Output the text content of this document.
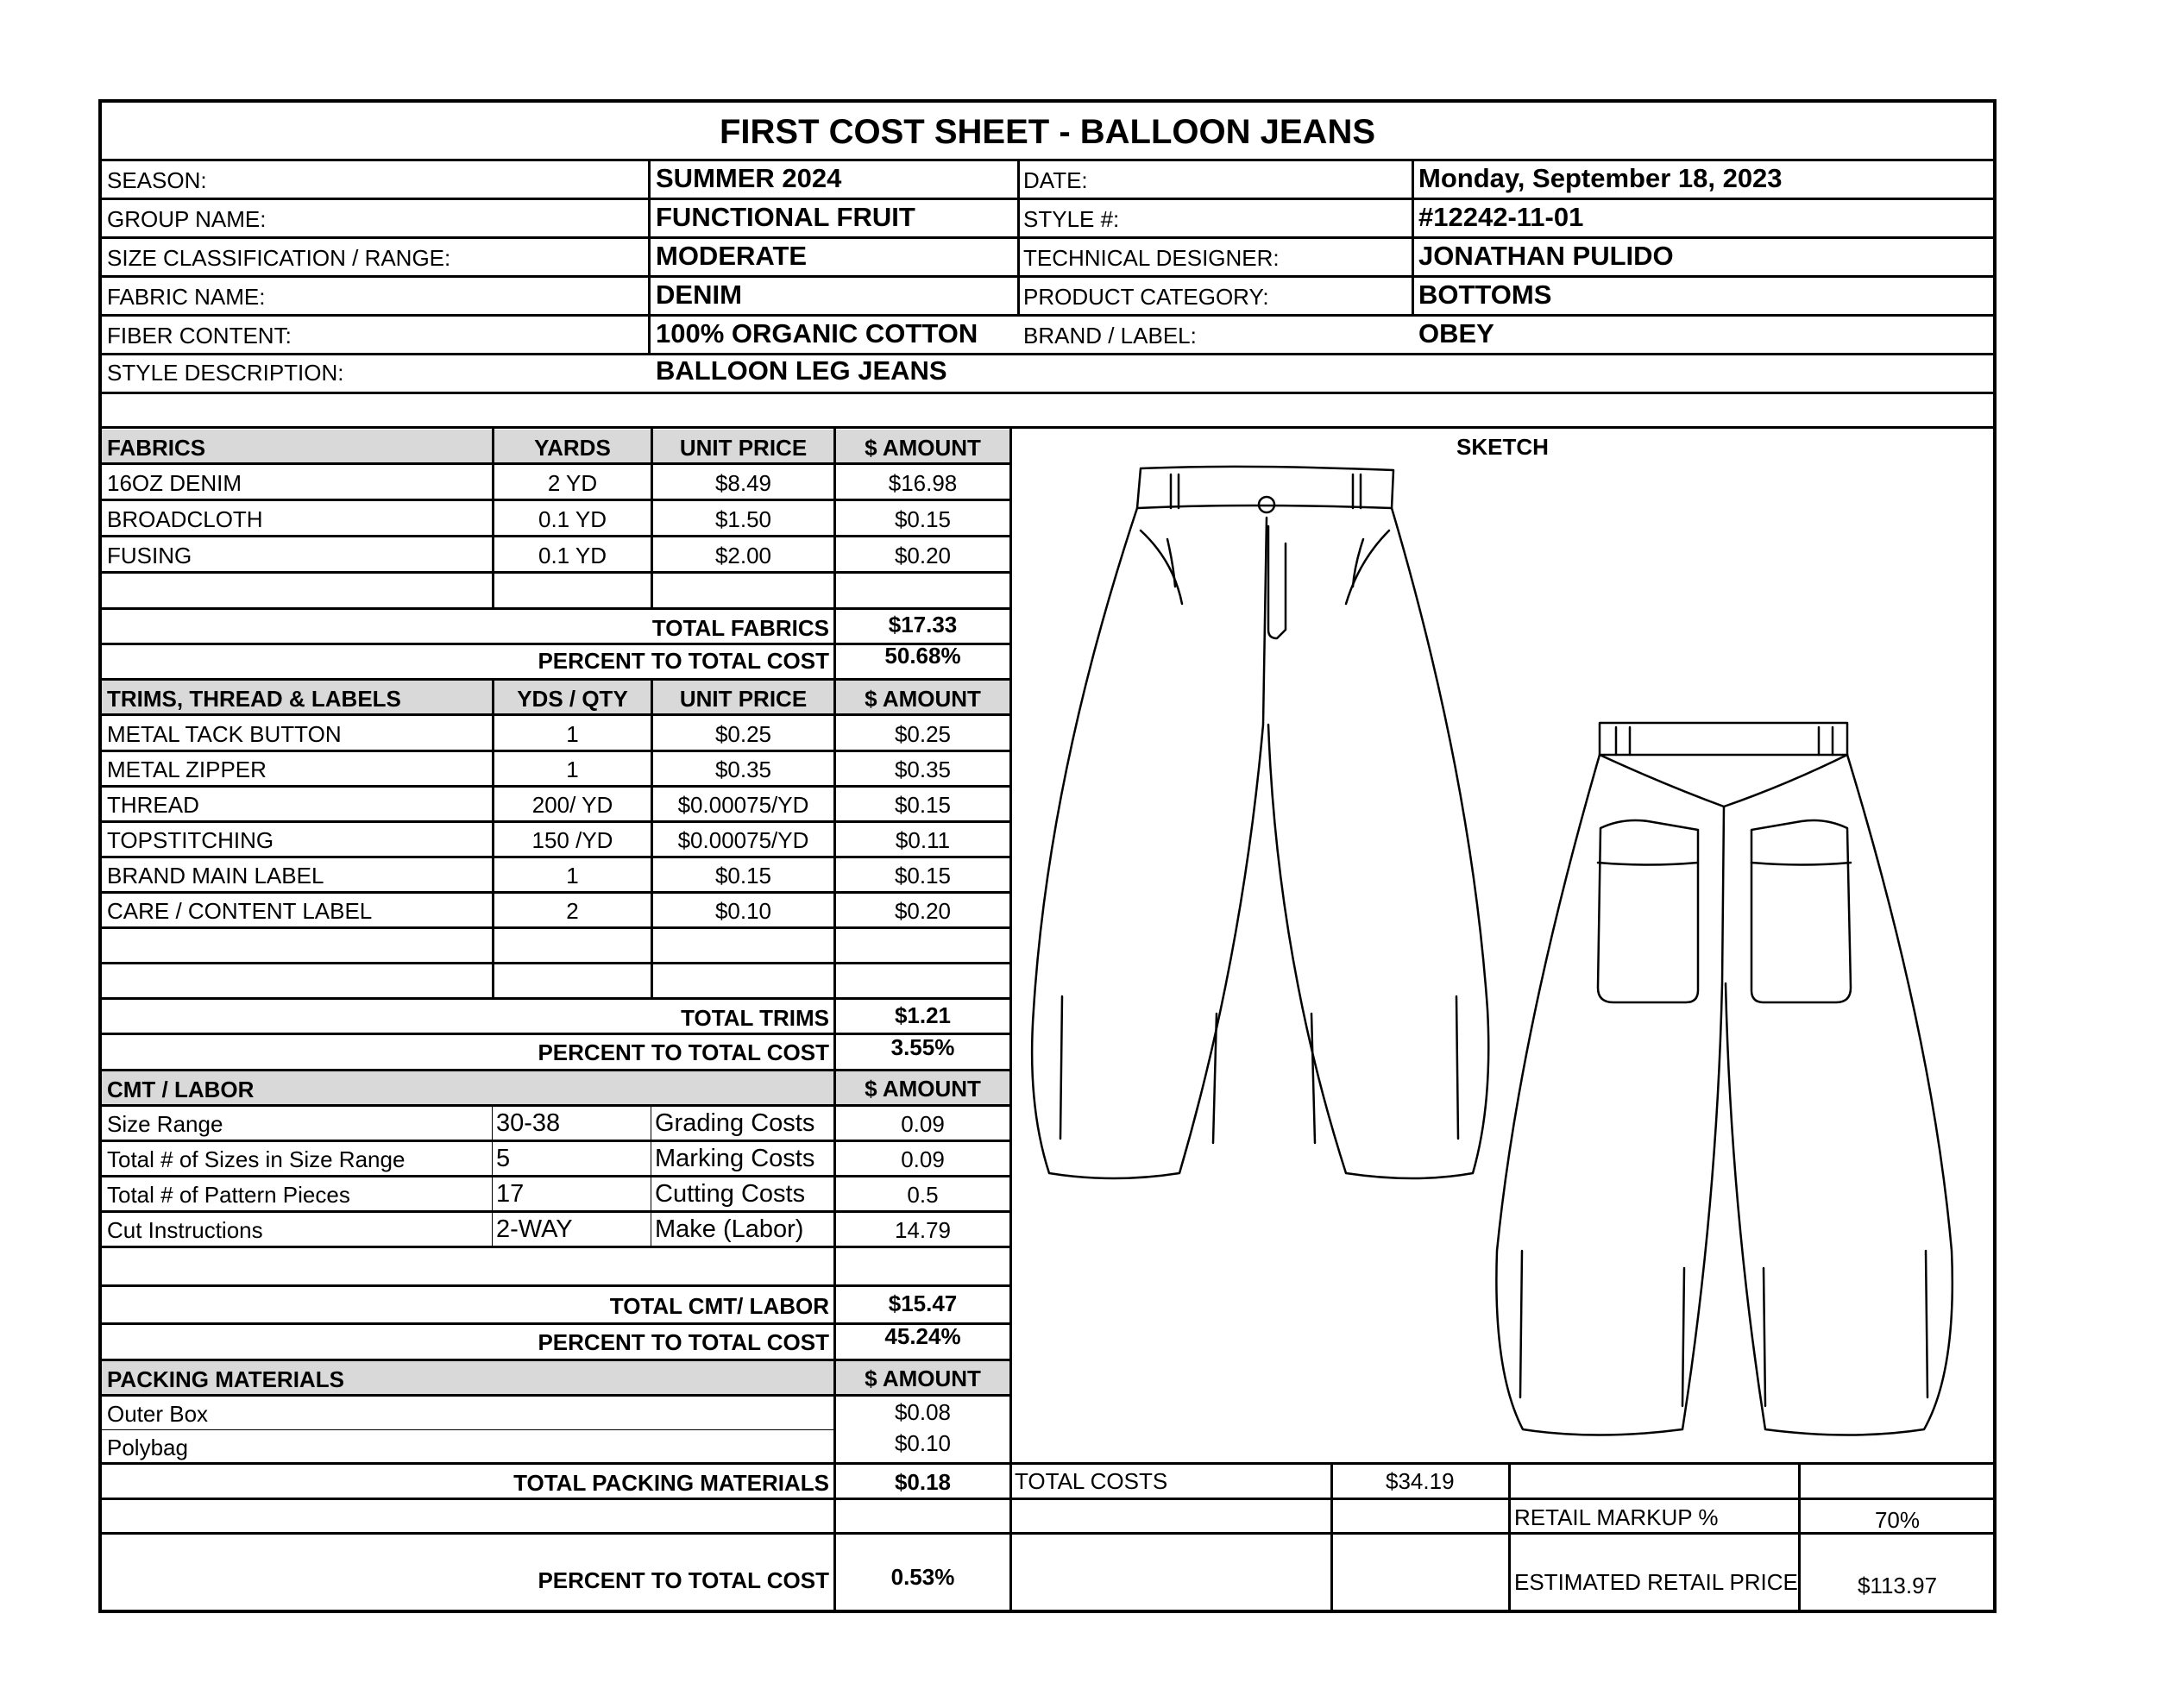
FIRST COST SHEET - BALLOON JEANS
SEASON:	SUMMER 2024	DATE:	Monday, September 18, 2023
GROUP NAME:	FUNCTIONAL FRUIT	STYLE #:	#12242-11-01
SIZE CLASSIFICATION / RANGE:	MODERATE	TECHNICAL DESIGNER:	JONATHAN PULIDO
FABRIC NAME:	DENIM	PRODUCT CATEGORY:	BOTTOMS
FIBER CONTENT:	100% ORGANIC COTTON BRAND / LABEL:	OBEY
STYLE DESCRIPTION:	BALLOON LEG JEANS
FABRICS	YARDS	UNIT PRICE	$ AMOUNT
16OZ DENIM	2 YD	$8.49	$16.98
BROADCLOTH	0.1 YD	$1.50	$0.15
FUSING	0.1 YD	$2.00	$0.20
TOTAL FABRICS	$17.33
PERCENT TO TOTAL COST	50.68%
TRIMS, THREAD & LABELS	YDS / QTY	UNIT PRICE	$ AMOUNT
METAL TACK BUTTON	1	$0.25	$0.25
METAL ZIPPER	1	$0.35	$0.35
THREAD	200/ YD	$0.00075/YD	$0.15
TOPSTITCHING	150 /YD	$0.00075/YD	$0.11
BRAND MAIN LABEL	1	$0.15	$0.15
CARE / CONTENT LABEL	2	$0.10	$0.20
TOTAL TRIMS	$1.21
PERCENT TO TOTAL COST	3.55%
CMT / LABOR	$ AMOUNT
Size Range	30-38	Grading Costs	0.09
Total # of Sizes in Size Range	5	Marking Costs	0.09
Total # of Pattern Pieces	17	Cutting Costs	0.5
Cut Instructions	2-WAY	Make (Labor)	14.79
TOTAL CMT/ LABOR	$15.47
PERCENT TO TOTAL COST	45.24%
PACKING MATERIALS	$ AMOUNT
Outer Box	$0.08
Polybag	$0.10
TOTAL PACKING MATERIALS	$0.18
PERCENT TO TOTAL COST	0.53%
TOTAL COSTS	$34.19
RETAIL MARKUP %	70%
ESTIMATED RETAIL PRICE	$113.97
SKETCH
